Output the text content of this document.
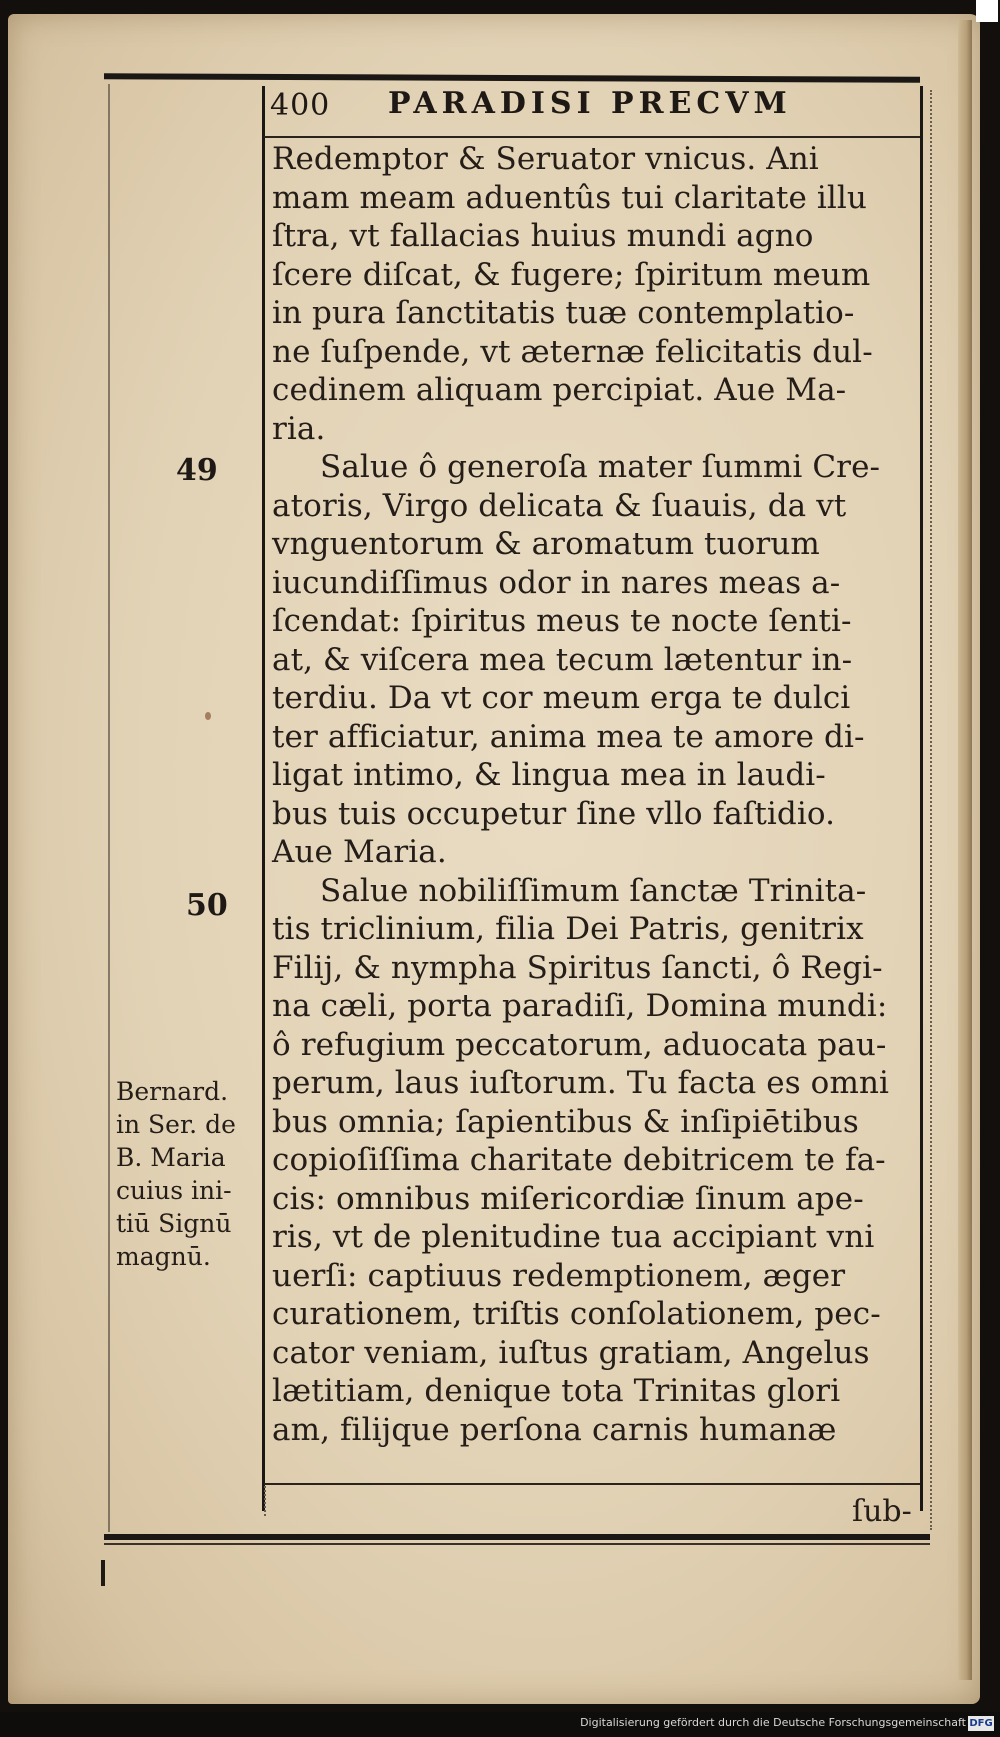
400 PARADISI PRECVM
49
50
Bernard.
in Ser. de
B. Maria
cuius ini-
tiū Signū
magnū.
Redemptor & Seruator vnicus. Ani
mam meam aduentûs tui claritate illu
ſtra, vt fallacias huius mundi agno
ſcere diſcat, & fugere; ſpiritum meum
in pura ſanctitatis tuæ contemplatio-
ne ſuſpende, vt æternæ felicitatis dul-
cedinem aliquam percipiat. Aue Ma-
ria.
Salue ô generoſa mater ſummi Cre-
atoris, Virgo delicata & ſuauis, da vt
vnguentorum & aromatum tuorum
iucundiſſimus odor in nares meas a-
ſcendat: ſpiritus meus te nocte ſenti-
at, & viſcera mea tecum lætentur in-
terdiu. Da vt cor meum erga te dulci
ter afficiatur, anima mea te amore di-
ligat intimo, & lingua mea in laudi-
bus tuis occupetur ſine vllo faſtidio.
Aue Maria.
Salue nobiliſſimum ſanctæ Trinita-
tis triclinium, filia Dei Patris, genitrix
Filij, & nympha Spiritus ſancti, ô Regi-
na cæli, porta paradiſi, Domina mundi:
ô refugium peccatorum, aduocata pau-
perum, laus iuſtorum. Tu facta es omni
bus omnia; ſapientibus & inſipiētibus
copioſiſſima charitate debitricem te fa-
cis: omnibus miſericordiæ ſinum ape-
ris, vt de plenitudine tua accipiant vni
uerſi: captiuus redemptionem, æger
curationem, triſtis conſolationem, pec-
cator veniam, iuſtus gratiam, Angelus
lætitiam, denique tota Trinitas glori
am, filijque perſona carnis humanæ
ſub-
Digitalisierung gefördert durch die Deutsche Forschungsgemeinschaft DFG
